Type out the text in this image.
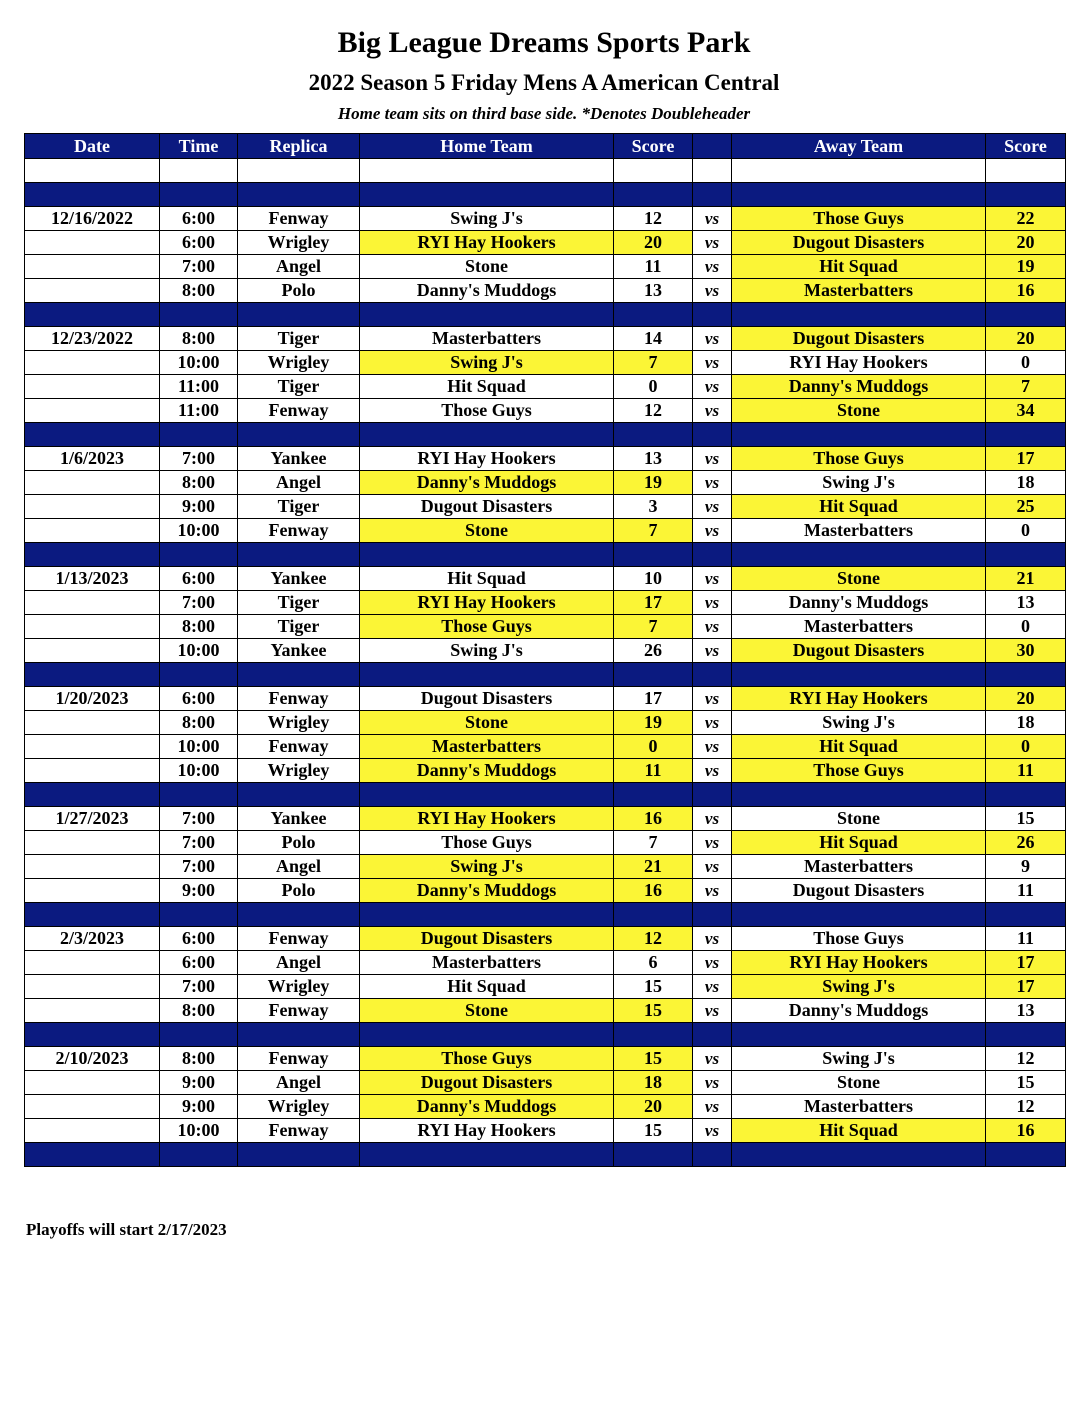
Big League Dreams Sports Park
2022 Season 5 Friday Mens A American Central
Home team sits on third base side. *Denotes Doubleheader
Date	Time	Replica	Home Team	Score		Away Team	Score

12/16/2022	6:00	Fenway	Swing J's	12	vs	Those Guys	22
	6:00	Wrigley	RYI Hay Hookers	20	vs	Dugout Disasters	20
	7:00	Angel	Stone	11	vs	Hit Squad	19
	8:00	Polo	Danny's Muddogs	13	vs	Masterbatters	16

12/23/2022	8:00	Tiger	Masterbatters	14	vs	Dugout Disasters	20
	10:00	Wrigley	Swing J's	7	vs	RYI Hay Hookers	0
	11:00	Tiger	Hit Squad	0	vs	Danny's Muddogs	7
	11:00	Fenway	Those Guys	12	vs	Stone	34

1/6/2023	7:00	Yankee	RYI Hay Hookers	13	vs	Those Guys	17
	8:00	Angel	Danny's Muddogs	19	vs	Swing J's	18
	9:00	Tiger	Dugout Disasters	3	vs	Hit Squad	25
	10:00	Fenway	Stone	7	vs	Masterbatters	0

1/13/2023	6:00	Yankee	Hit Squad	10	vs	Stone	21
	7:00	Tiger	RYI Hay Hookers	17	vs	Danny's Muddogs	13
	8:00	Tiger	Those Guys	7	vs	Masterbatters	0
	10:00	Yankee	Swing J's	26	vs	Dugout Disasters	30

1/20/2023	6:00	Fenway	Dugout Disasters	17	vs	RYI Hay Hookers	20
	8:00	Wrigley	Stone	19	vs	Swing J's	18
	10:00	Fenway	Masterbatters	0	vs	Hit Squad	0
	10:00	Wrigley	Danny's Muddogs	11	vs	Those Guys	11

1/27/2023	7:00	Yankee	RYI Hay Hookers	16	vs	Stone	15
	7:00	Polo	Those Guys	7	vs	Hit Squad	26
	7:00	Angel	Swing J's	21	vs	Masterbatters	9
	9:00	Polo	Danny's Muddogs	16	vs	Dugout Disasters	11

2/3/2023	6:00	Fenway	Dugout Disasters	12	vs	Those Guys	11
	6:00	Angel	Masterbatters	6	vs	RYI Hay Hookers	17
	7:00	Wrigley	Hit Squad	15	vs	Swing J's	17
	8:00	Fenway	Stone	15	vs	Danny's Muddogs	13

2/10/2023	8:00	Fenway	Those Guys	15	vs	Swing J's	12
	9:00	Angel	Dugout Disasters	18	vs	Stone	15
	9:00	Wrigley	Danny's Muddogs	20	vs	Masterbatters	12
	10:00	Fenway	RYI Hay Hookers	15	vs	Hit Squad	16

Playoffs will start 2/17/2023
